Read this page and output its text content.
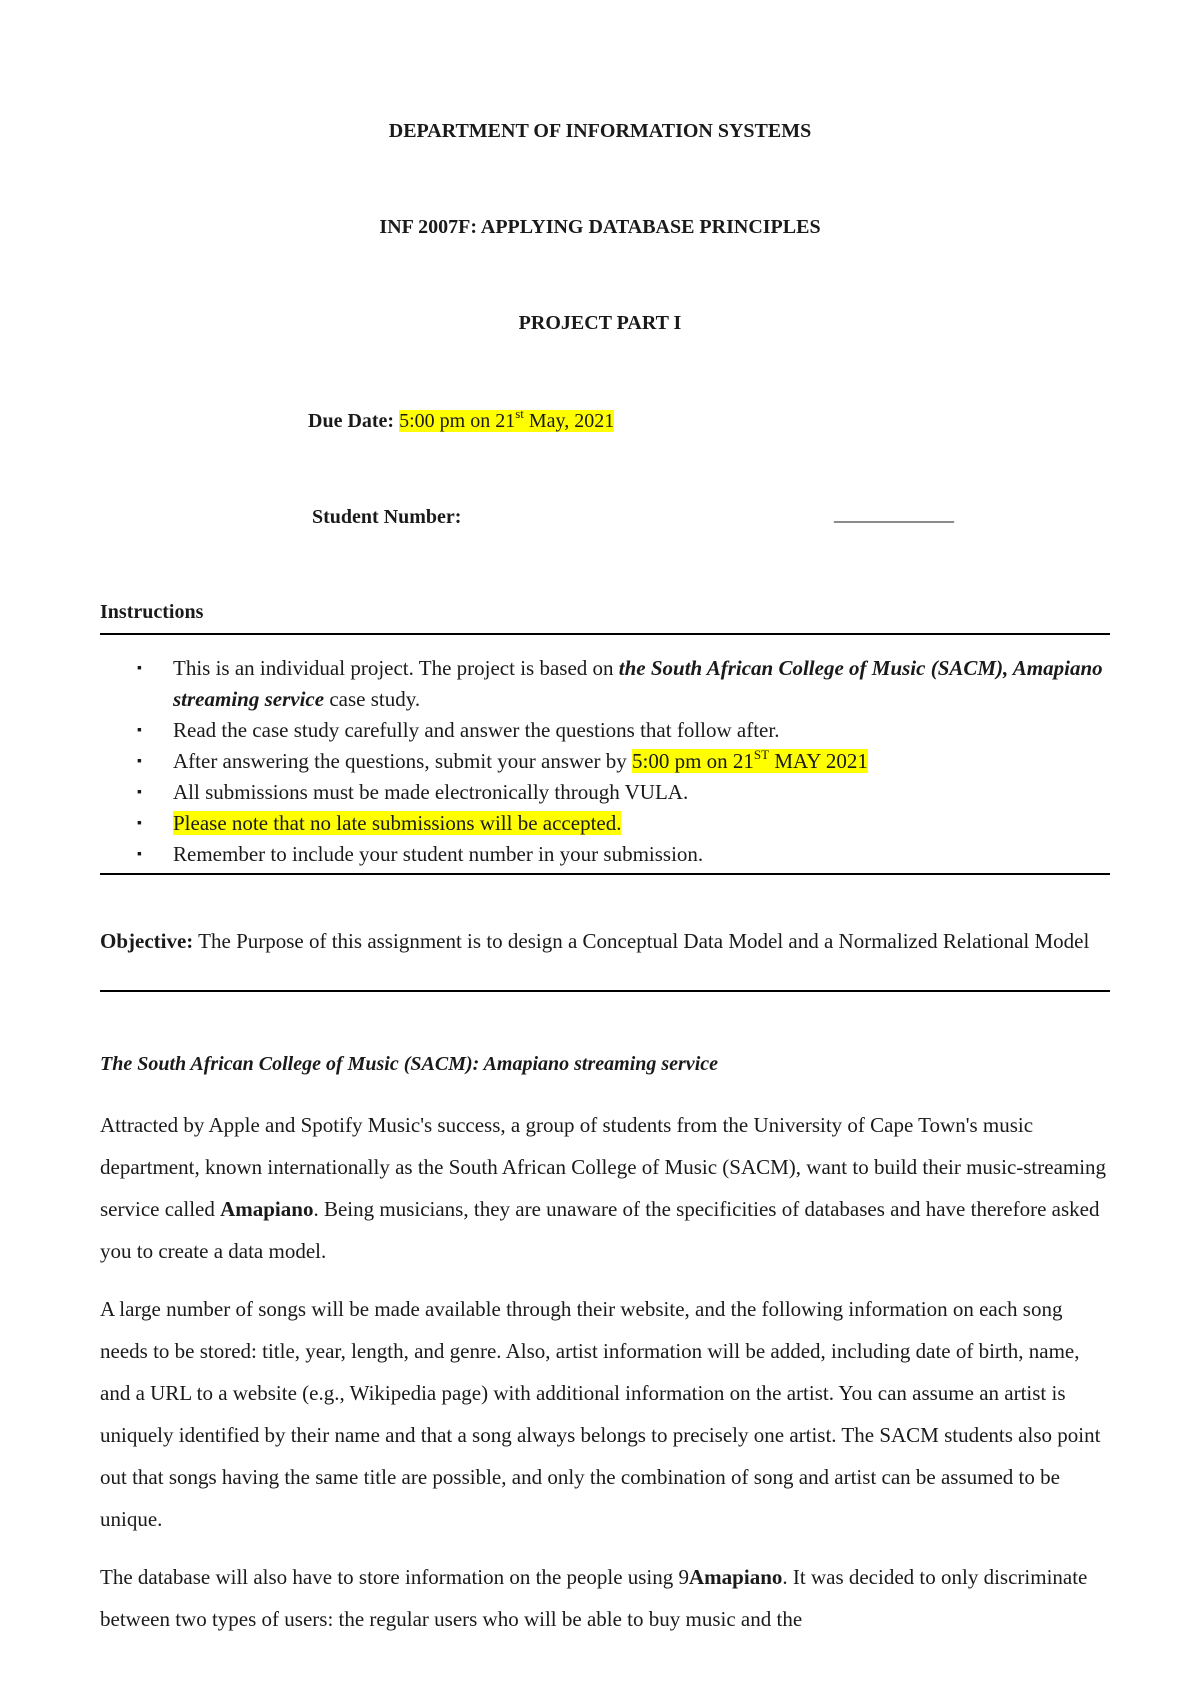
DEPARTMENT OF INFORMATION SYSTEMS
INF 2007F: APPLYING DATABASE PRINCIPLES
PROJECT PART I
Due Date: 5:00 pm on 21st May, 2021
Student Number:	____________
Instructions
▪ This is an individual project. The project is based on the South African College of Music (SACM), Amapiano streaming service case study.
▪ Read the case study carefully and answer the questions that follow after.
▪ After answering the questions, submit your answer by 5:00 pm on 21ST MAY 2021
▪ All submissions must be made electronically through VULA.
▪ Please note that no late submissions will be accepted.
▪ Remember to include your student number in your submission.
Objective: The Purpose of this assignment is to design a Conceptual Data Model and a Normalized Relational Model
The South African College of Music (SACM): Amapiano streaming service

Attracted by Apple and Spotify Music's success, a group of students from the University of Cape Town's music department, known internationally as the South African College of Music (SACM), want to build their music-streaming service called Amapiano. Being musicians, they are unaware of the specificities of databases and have therefore asked you to create a data model.

A large number of songs will be made available through their website, and the following information on each song needs to be stored: title, year, length, and genre. Also, artist information will be added, including date of birth, name, and a URL to a website (e.g., Wikipedia page) with additional information on the artist. You can assume an artist is uniquely identified by their name and that a song always belongs to precisely one artist. The SACM students also point out that songs having the same title are possible, and only the combination of song and artist can be assumed to be unique.

The database will also have to store information on the people using 9Amapiano. It was decided to only discriminate between two types of users: the regular users who will be able to buy music and the
